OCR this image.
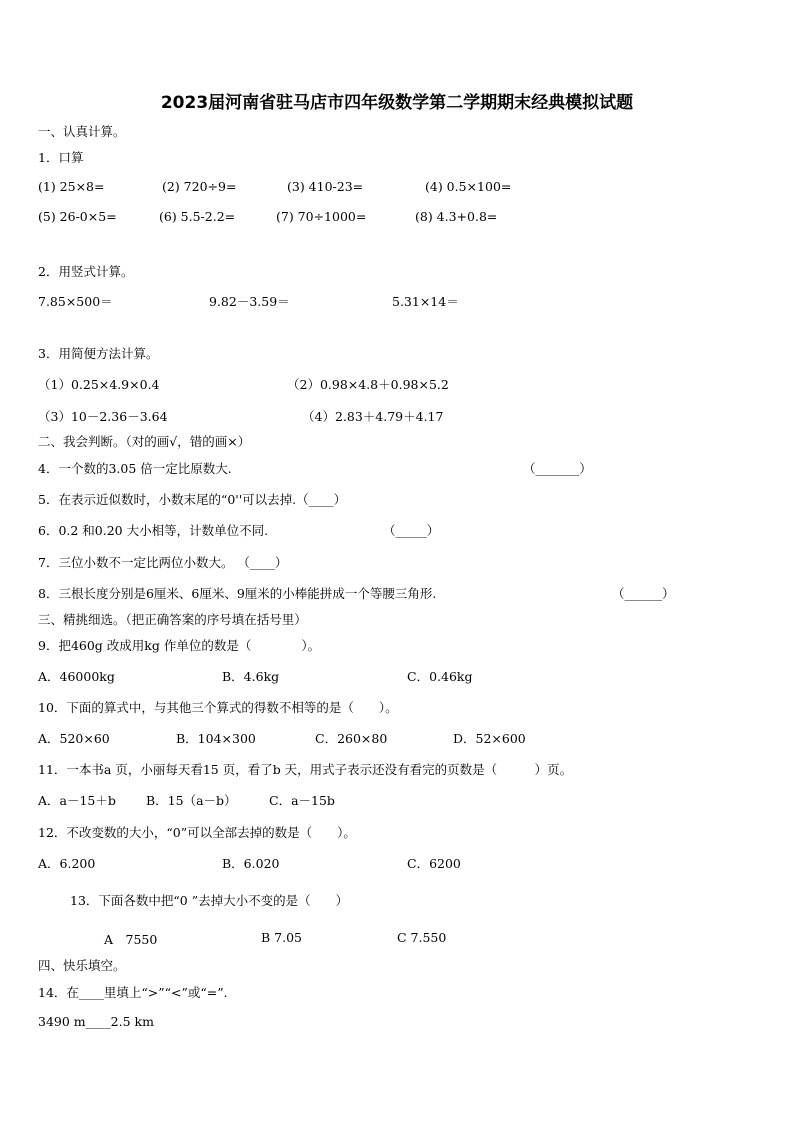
2023届河南省驻马店市四年级数学第二学期期末经典模拟试题
一、认真计算。
1．口算
(1) 25×8=	(2) 720÷9=	(3) 410-23=	(4) 0.5×100=
(5) 26-0×5=	(6) 5.5-2.2=	(7) 70÷1000=	(8) 4.3+0.8=
2．用竖式计算。
7.85×500＝	9.82－3.59＝	5.31×14＝
3．用简便方法计算。
（1）0.25×4.9×0.4	（2）0.98×4.8＋0.98×5.2
（3）10－2.36－3.64	（4）2.83＋4.79＋4.17
二、我会判断。（对的画√，错的画×）
4．一个数的3.05 倍一定比原数大.	（_______）
5．在表示近似数时，小数末尾的“0''可以去掉.（____）
6．0.2 和0.20 大小相等，计数单位不同.	（_____）
7．三位小数不一定比两位小数大。 （____）
8．三根长度分别是6厘米、6厘米、9厘米的小棒能拼成一个等腰三角形.	（______）
三、精挑细选。（把正确答案的序号填在括号里）
9．把460g 改成用kg 作单位的数是（　　　　）。
A．46000kg	B．4.6kg	C．0.46kg
10．下面的算式中，与其他三个算式的得数不相等的是（　　）。
A．520×60	B．104×300	C．260×80	D．52×600
11．一本书a 页，小丽每天看15 页，看了b 天，用式子表示还没有看完的页数是（　　　）页。
A．a－15＋b B．15（a－b）	C．a－15b
12．不改变数的大小，“0”可以全部去掉的数是（　　）。
A．6.200	B．6.020	C．6200
13．下面各数中把“0 ”去掉大小不变的是（　　）
A　7550	B 7.05	C 7.550
四、快乐填空。
14．在____里填上“>”“<”或“=”.
3490 m____2.5 km
